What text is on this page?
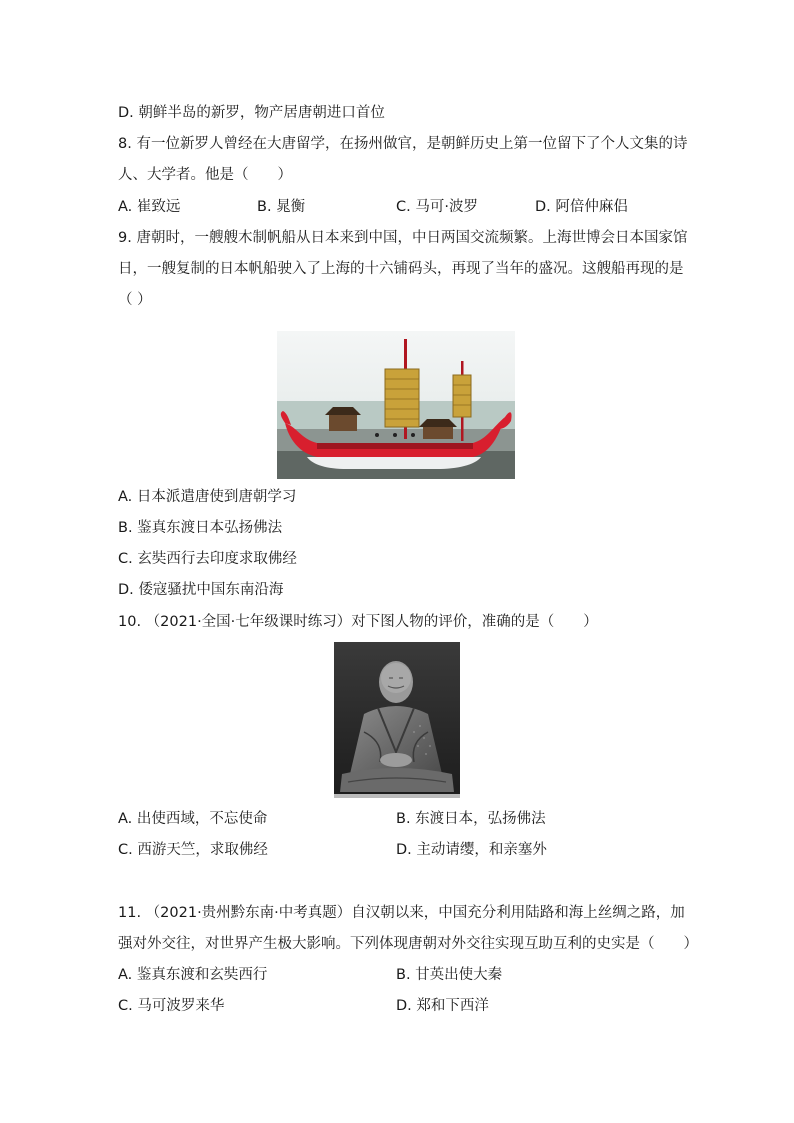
D. 朝鲜半岛的新罗，物产居唐朝进口首位
8. 有一位新罗人曾经在大唐留学，在扬州做官，是朝鲜历史上第一位留下了个人文集的诗
人、大学者。他是（　　）
A. 崔致远	B. 晁衡	C. 马可·波罗	D. 阿倍仲麻侣
9. 唐朝时，一艘艘木制帆船从日本来到中国，中日两国交流频繁。上海世博会日本国家馆
日，一艘复制的日本帆船驶入了上海的十六铺码头，再现了当年的盛况。这艘船再现的是
（ ）
A. 日本派遣唐使到唐朝学习
B. 鉴真东渡日本弘扬佛法
C. 玄奘西行去印度求取佛经
D. 倭寇骚扰中国东南沿海
10. （2021·全国·七年级课时练习）对下图人物的评价，准确的是（　　）
A. 出使西域，不忘使命	B. 东渡日本，弘扬佛法
C. 西游天竺，求取佛经	D. 主动请缨，和亲塞外
11. （2021·贵州黔东南·中考真题）自汉朝以来，中国充分利用陆路和海上丝绸之路，加
强对外交往，对世界产生极大影响。下列体现唐朝对外交往实现互助互利的史实是（　　）
A. 鉴真东渡和玄奘西行	B. 甘英出使大秦
C. 马可波罗来华	D. 郑和下西洋
